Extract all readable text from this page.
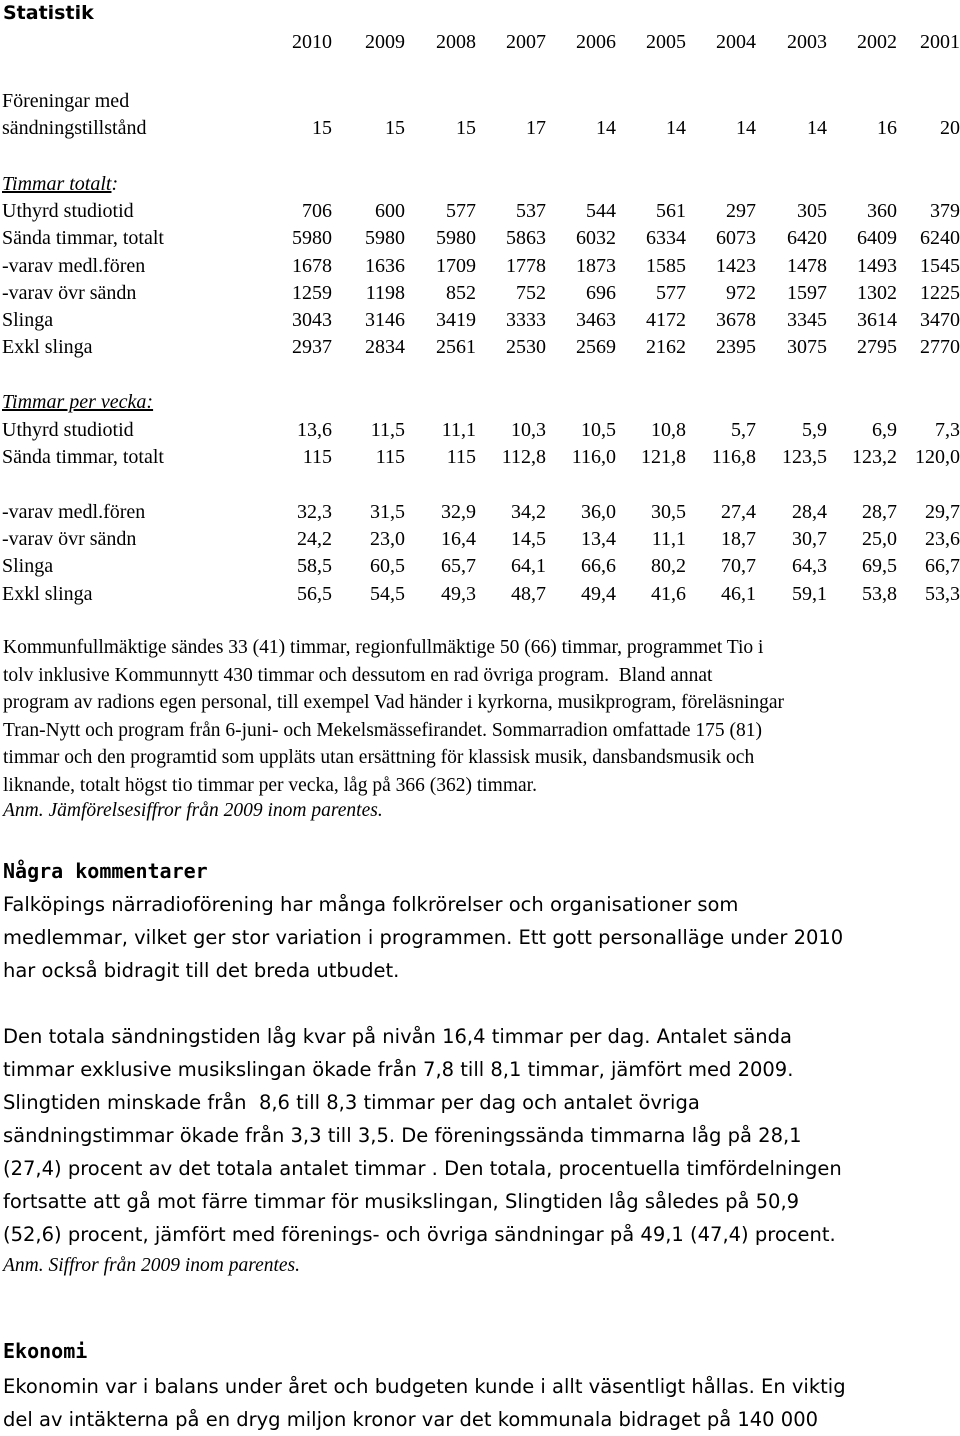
Statistik
2010	2009	2008	2007	2006	2005	2004	2003	2002	2001
Föreningar med
sändningstillstånd	15	15	15	17	14	14	14	14	16	20
Timmar totalt:
Uthyrd studiotid	706	600	577	537	544	561	297	305	360	379
Sända timmar, totalt	5980	5980	5980	5863	6032	6334	6073	6420	6409	6240
-varav medl.fören	1678	1636	1709	1778	1873	1585	1423	1478	1493	1545
-varav övr sändn	1259	1198	852	752	696	577	972	1597	1302	1225
Slinga	3043	3146	3419	3333	3463	4172	3678	3345	3614	3470
Exkl slinga	2937	2834	2561	2530	2569	2162	2395	3075	2795	2770
Timmar per vecka:
Uthyrd studiotid	13,6	11,5	11,1	10,3	10,5	10,8	5,7	5,9	6,9	7,3
Sända timmar, totalt	115	115	115	112,8	116,0	121,8	116,8	123,5	123,2 120,0
-varav medl.fören	32,3	31,5	32,9	34,2	36,0	30,5	27,4	28,4	28,7	29,7
-varav övr sändn	24,2	23,0	16,4	14,5	13,4	11,1	18,7	30,7	25,0	23,6
Slinga	58,5	60,5	65,7	64,1	66,6	80,2	70,7	64,3	69,5	66,7
Exkl slinga	56,5	54,5	49,3	48,7	49,4	41,6	46,1	59,1	53,8	53,3
Kommunfullmäktige sändes 33 (41) timmar, regionfullmäktige 50 (66) timmar, programmet Tio i
tolv inklusive Kommunnytt 430 timmar och dessutom en rad övriga program.  Bland annat
program av radions egen personal, till exempel Vad händer i kyrkorna, musikprogram, föreläsningar
Tran-Nytt och program från 6-juni- och Mekelsmässefirandet. Sommarradion omfattade 175 (81)
timmar och den programtid som uppläts utan ersättning för klassisk musik, dansbandsmusik och
liknande, totalt högst tio timmar per vecka, låg på 366 (362) timmar.
Anm. Jämförelsesiffror från 2009 inom parentes.
Några kommentarer
Falköpings närradioförening har många folkrörelser och organisationer som
medlemmar, vilket ger stor variation i programmen. Ett gott personalläge under 2010
har också bidragit till det breda utbudet.
Den totala sändningstiden låg kvar på nivån 16,4 timmar per dag. Antalet sända
timmar exklusive musikslingan ökade från 7,8 till 8,1 timmar, jämfört med 2009.
Slingtiden minskade från  8,6 till 8,3 timmar per dag och antalet övriga
sändningstimmar ökade från 3,3 till 3,5. De föreningssända timmarna låg på 28,1
(27,4) procent av det totala antalet timmar . Den totala, procentuella timfördelningen
fortsatte att gå mot färre timmar för musikslingan, Slingtiden låg således på 50,9
(52,6) procent, jämfört med förenings- och övriga sändningar på 49,1 (47,4) procent.
Anm. Siffror från 2009 inom parentes.
Ekonomi
Ekonomin var i balans under året och budgeten kunde i allt väsentligt hållas. En viktig
del av intäkterna på en dryg miljon kronor var det kommunala bidraget på 140 000
